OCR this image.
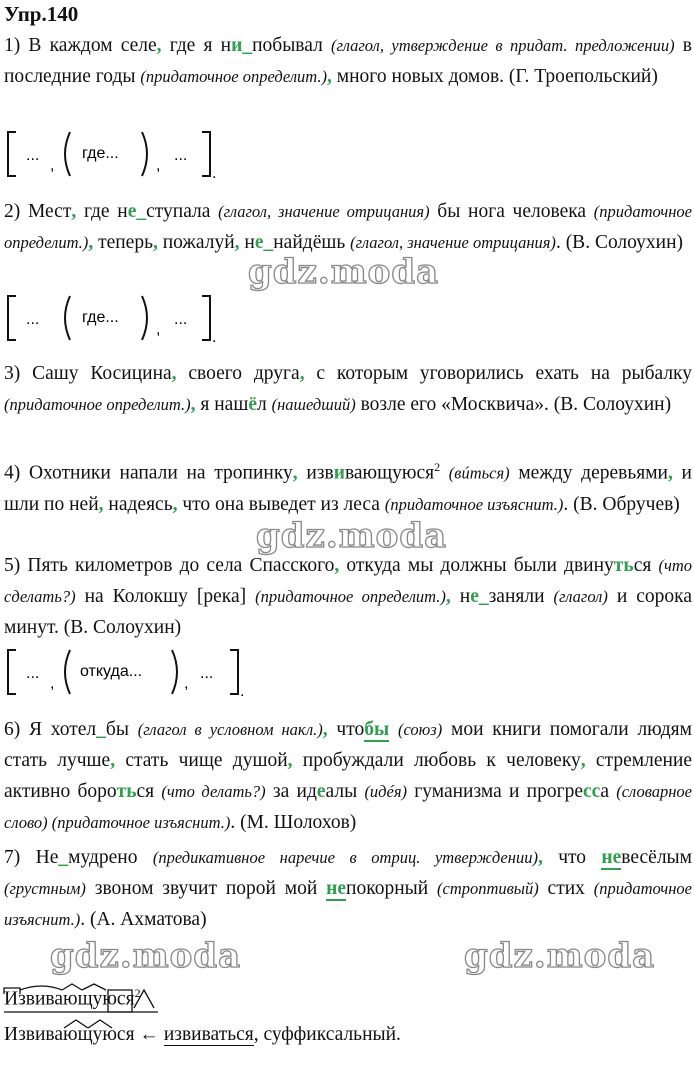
Упр.140
1) В каждом селе, где я ни_побывал (глагол, утверждение в придат. предложении) в последние годы (придаточное определит.), много новых домов. (Г. Троепольский)
...
,
где...
,
...
.
2) Мест, где не_ступала (глагол, значение отрицания) бы нога человека (придаточное определит.), теперь, пожалуй, не_найдёшь (глагол, значение отрицания). (В. Солоухин)
gdz.moda
...	где...
,
...
.
3) Сашу Косицина, своего друга, с которым уговорились ехать на рыбалку (придаточное определит.), я нашёл (нашедший) возле его «Москвича». (В. Солоухин)
4) Охотники напали на тропинку, извивающуюся$^2$ (вúться) между деревьями, и шли по ней, надеясь, что она выведет из леса (придаточное изъяснит.). (В. Обручев)
gdz.moda
5) Пять километров до села Спасского, откуда мы должны были двинуться (что сделать?) на Колокшу [река] (придаточное определит.), не_заняли (глагол) и сорока минут. (В. Солоухин)
...
,
откуда...
,
...
.
6) Я хотел_бы (глагол в условном накл.), чтобы (союз) мои книги помогали людям стать лучше, стать чище душой, пробуждали любовь к человеку, стремление активно бороться (что делать?) за идеалы (идéя) гуманизма и прогресса (словарное слово) (придаточное изъяснит.). (М. Шолохов)
7) Не_мудрено (предикативное наречие в отриц. утверждении), что невесёлым (грустным) звоном звучит порой мой непокорный (строптивый) стих (придаточное изъяснит.). (А. Ахматова)
gdz.moda	gdz.moda
Извивающуюся$^2$
Извивающуюся ← извиваться, суффиксальный.
